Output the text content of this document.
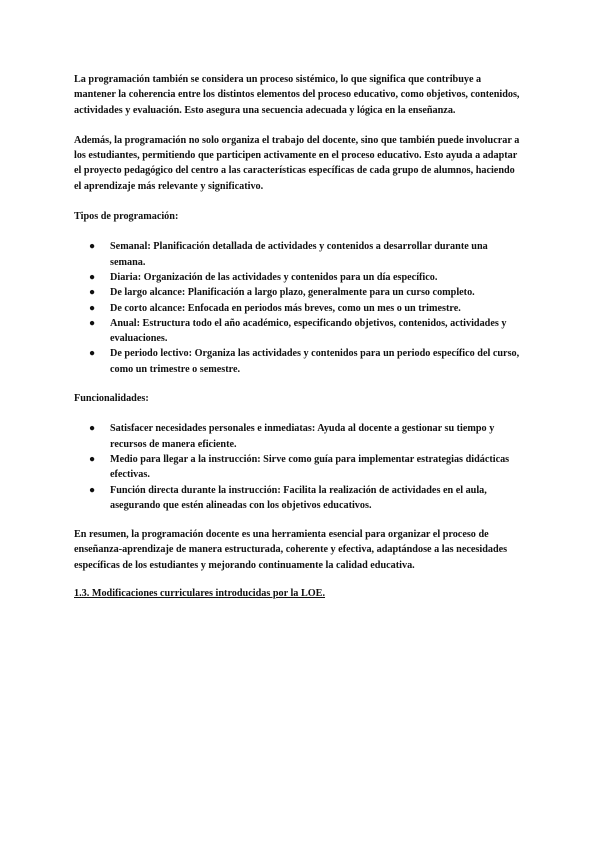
La programación también se considera un proceso sistémico, lo que significa que contribuye a mantener la coherencia entre los distintos elementos del proceso educativo, como objetivos, contenidos, actividades y evaluación. Esto asegura una secuencia adecuada y lógica en la enseñanza.

Además, la programación no solo organiza el trabajo del docente, sino que también puede involucrar a los estudiantes, permitiendo que participen activamente en el proceso educativo. Esto ayuda a adaptar el proyecto pedagógico del centro a las características específicas de cada grupo de alumnos, haciendo el aprendizaje más relevante y significativo.

Tipos de programación:

● Semanal: Planificación detallada de actividades y contenidos a desarrollar durante una semana.
● Diaria: Organización de las actividades y contenidos para un día específico.
● De largo alcance: Planificación a largo plazo, generalmente para un curso completo.
● De corto alcance: Enfocada en periodos más breves, como un mes o un trimestre.
● Anual: Estructura todo el año académico, especificando objetivos, contenidos, actividades y evaluaciones.
● De periodo lectivo: Organiza las actividades y contenidos para un periodo específico del curso, como un trimestre o semestre.

Funcionalidades:

● Satisfacer necesidades personales e inmediatas: Ayuda al docente a gestionar su tiempo y recursos de manera eficiente.
● Medio para llegar a la instrucción: Sirve como guía para implementar estrategias didácticas efectivas.
● Función directa durante la instrucción: Facilita la realización de actividades en el aula, asegurando que estén alineadas con los objetivos educativos.

En resumen, la programación docente es una herramienta esencial para organizar el proceso de enseñanza-aprendizaje de manera estructurada, coherente y efectiva, adaptándose a las necesidades específicas de los estudiantes y mejorando continuamente la calidad educativa.

1.3. Modificaciones curriculares introducidas por la LOE.
